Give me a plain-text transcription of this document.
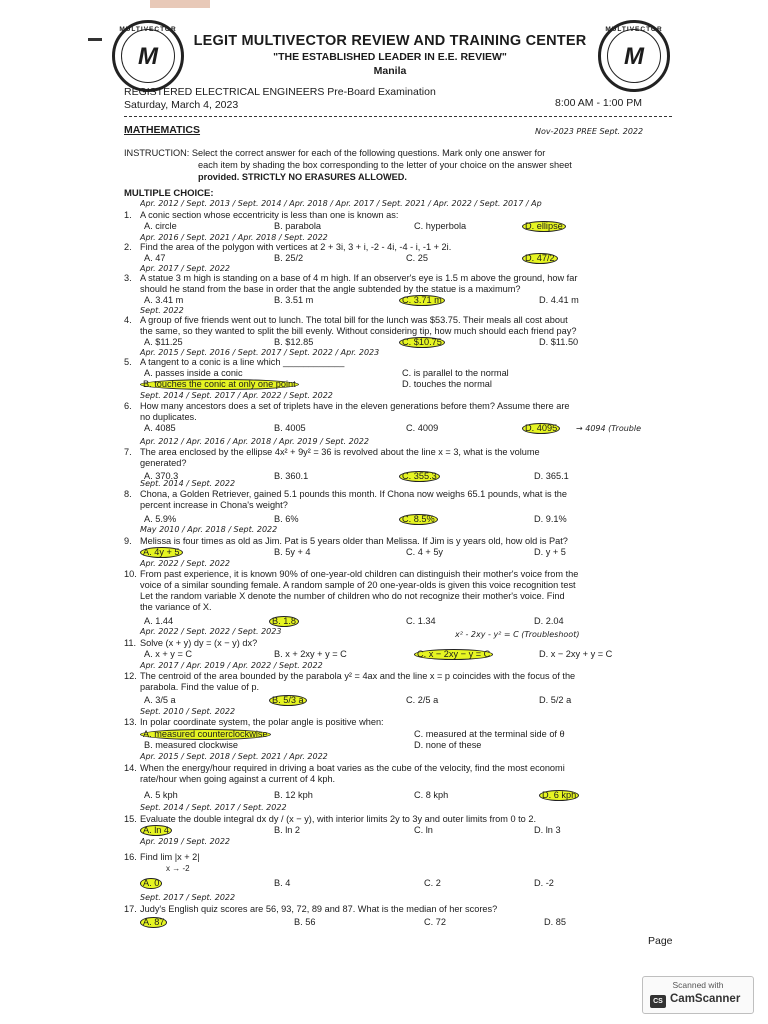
MULTIVECTOR
M
MULTIVECTOR
M
LEGIT MULTIVECTOR REVIEW AND TRAINING CENTER
"THE ESTABLISHED LEADER IN E.E. REVIEW"
Manila
REGISTERED ELECTRICAL ENGINEERS Pre-Board Examination
Saturday, March 4, 2023	8:00 AM - 1:00 PM
MATHEMATICS	Nov-2023 PREE Sept. 2022
INSTRUCTION: Select the correct answer for each of the following questions. Mark only one answer for
each item by shading the box corresponding to the letter of your choice on the answer sheet
provided. STRICTLY NO ERASURES ALLOWED.
MULTIPLE CHOICE:
Apr. 2012 / Sept. 2013 / Sept. 2014 / Apr. 2018 / Apr. 2017 / Sept. 2021 / Apr. 2022 / Sept. 2017 / Ap
1. A conic section whose eccentricity is less than one is known as:
A. circle	B. parabola	C. hyperbola	D. ellipse
Apr. 2016 / Sept. 2021 / Apr. 2018 / Sept. 2022
2. Find the area of the polygon with vertices at 2 + 3i, 3 + i, -2 - 4i, -4 - i, -1 + 2i.
A. 47	B. 25/2	C. 25	D. 47/2
Apr. 2017 / Sept. 2022
3. A statue 3 m high is standing on a base of 4 m high. If an observer's eye is 1.5 m above the ground, how far
should he stand from the base in order that the angle subtended by the statue is a maximum?
A. 3.41 m	B. 3.51 m	C. 3.71 m	D. 4.41 m
Sept. 2022
4. A group of five friends went out to lunch. The total bill for the lunch was $53.75. Their meals all cost about
the same, so they wanted to split the bill evenly. Without considering tip, how much should each friend pay?
A. $11.25	B. $12.85	C. $10.75	D. $11.50
Apr. 2015 / Sept. 2016 / Sept. 2017 / Sept. 2022 / Apr. 2023
5. A tangent to a conic is a line which ____________
A. passes inside a conic	C. is parallel to the normal
B. touches the conic at only one point	D. touches the normal
Sept. 2014 / Sept. 2017 / Apr. 2022 / Sept. 2022
6. How many ancestors does a set of triplets have in the eleven generations before them? Assume there are
no duplicates.
A. 4085	B. 4005	C. 4009	D. 4095	→ 4094 (Trouble
Apr. 2012 / Apr. 2016 / Apr. 2018 / Apr. 2019 / Sept. 2022
7. The area enclosed by the ellipse 4x² + 9y² = 36 is revolved about the line x = 3, what is the volume
generated?
A. 370.3	B. 360.1	C. 355.3	D. 365.1
Sept. 2014 / Sept. 2022
8. Chona, a Golden Retriever, gained 5.1 pounds this month. If Chona now weighs 65.1 pounds, what is the
percent increase in Chona's weight?
A. 5.9%	B. 6%	C. 8.5%	D. 9.1%
May 2010 / Apr. 2018 / Sept. 2022
9. Melissa is four times as old as Jim. Pat is 5 years older than Melissa. If Jim is y years old, how old is Pat?
A. 4y + 5	B. 5y + 4	C. 4 + 5y	D. y + 5
Apr. 2022 / Sept. 2022
10. From past experience, it is known 90% of one-year-old children can distinguish their mother's voice from the
voice of a similar sounding female. A random sample of 20 one-year-olds is given this voice recognition test
Let the random variable X denote the number of children who do not recognize their mother's voice. Find
the variance of X.
A. 1.44	B. 1.8	C. 1.34	D. 2.04
Apr. 2022 / Sept. 2022 / Sept. 2023	x² - 2xy - y² = C (Troubleshoot)
11. Solve (x + y) dy = (x − y) dx?
A. x + y = C	B. x + 2xy + y = C	C. x − 2xy − y = C	D. x − 2xy + y = C
Apr. 2017 / Apr. 2019 / Apr. 2022 / Sept. 2022
12. The centroid of the area bounded by the parabola y² = 4ax and the line x = p coincides with the focus of the
parabola. Find the value of p.
A. 3/5 a	B. 5/3 a	C. 2/5 a	D. 5/2 a
Sept. 2010 / Sept. 2022
13. In polar coordinate system, the polar angle is positive when:
A. measured counterclockwise	C. measured at the terminal side of θ
B. measured clockwise	D. none of these
Apr. 2015 / Sept. 2018 / Sept. 2021 / Apr. 2022
14. When the energy/hour required in driving a boat varies as the cube of the velocity, find the most economi
rate/hour when going against a current of 4 kph.
A. 5 kph	B. 12 kph	C. 8 kph	D. 6 kph
Sept. 2014 / Sept. 2017 / Sept. 2022
15. Evaluate the double integral dx dy / (x − y), with interior limits 2y to 3y and outer limits from 0 to 2.
A. ln 4	B. ln 2	C. ln	D. ln 3
Apr. 2019 / Sept. 2022
16. Find lim |x + 2|
x → -2
A. 0	B. 4	C. 2	D. -2
Sept. 2017 / Sept. 2022
17. Judy's English quiz scores are 56, 93, 72, 89 and 87. What is the median of her scores?
A. 87	B. 56	C. 72	D. 85
Page
Scanned with
CS CamScanner
